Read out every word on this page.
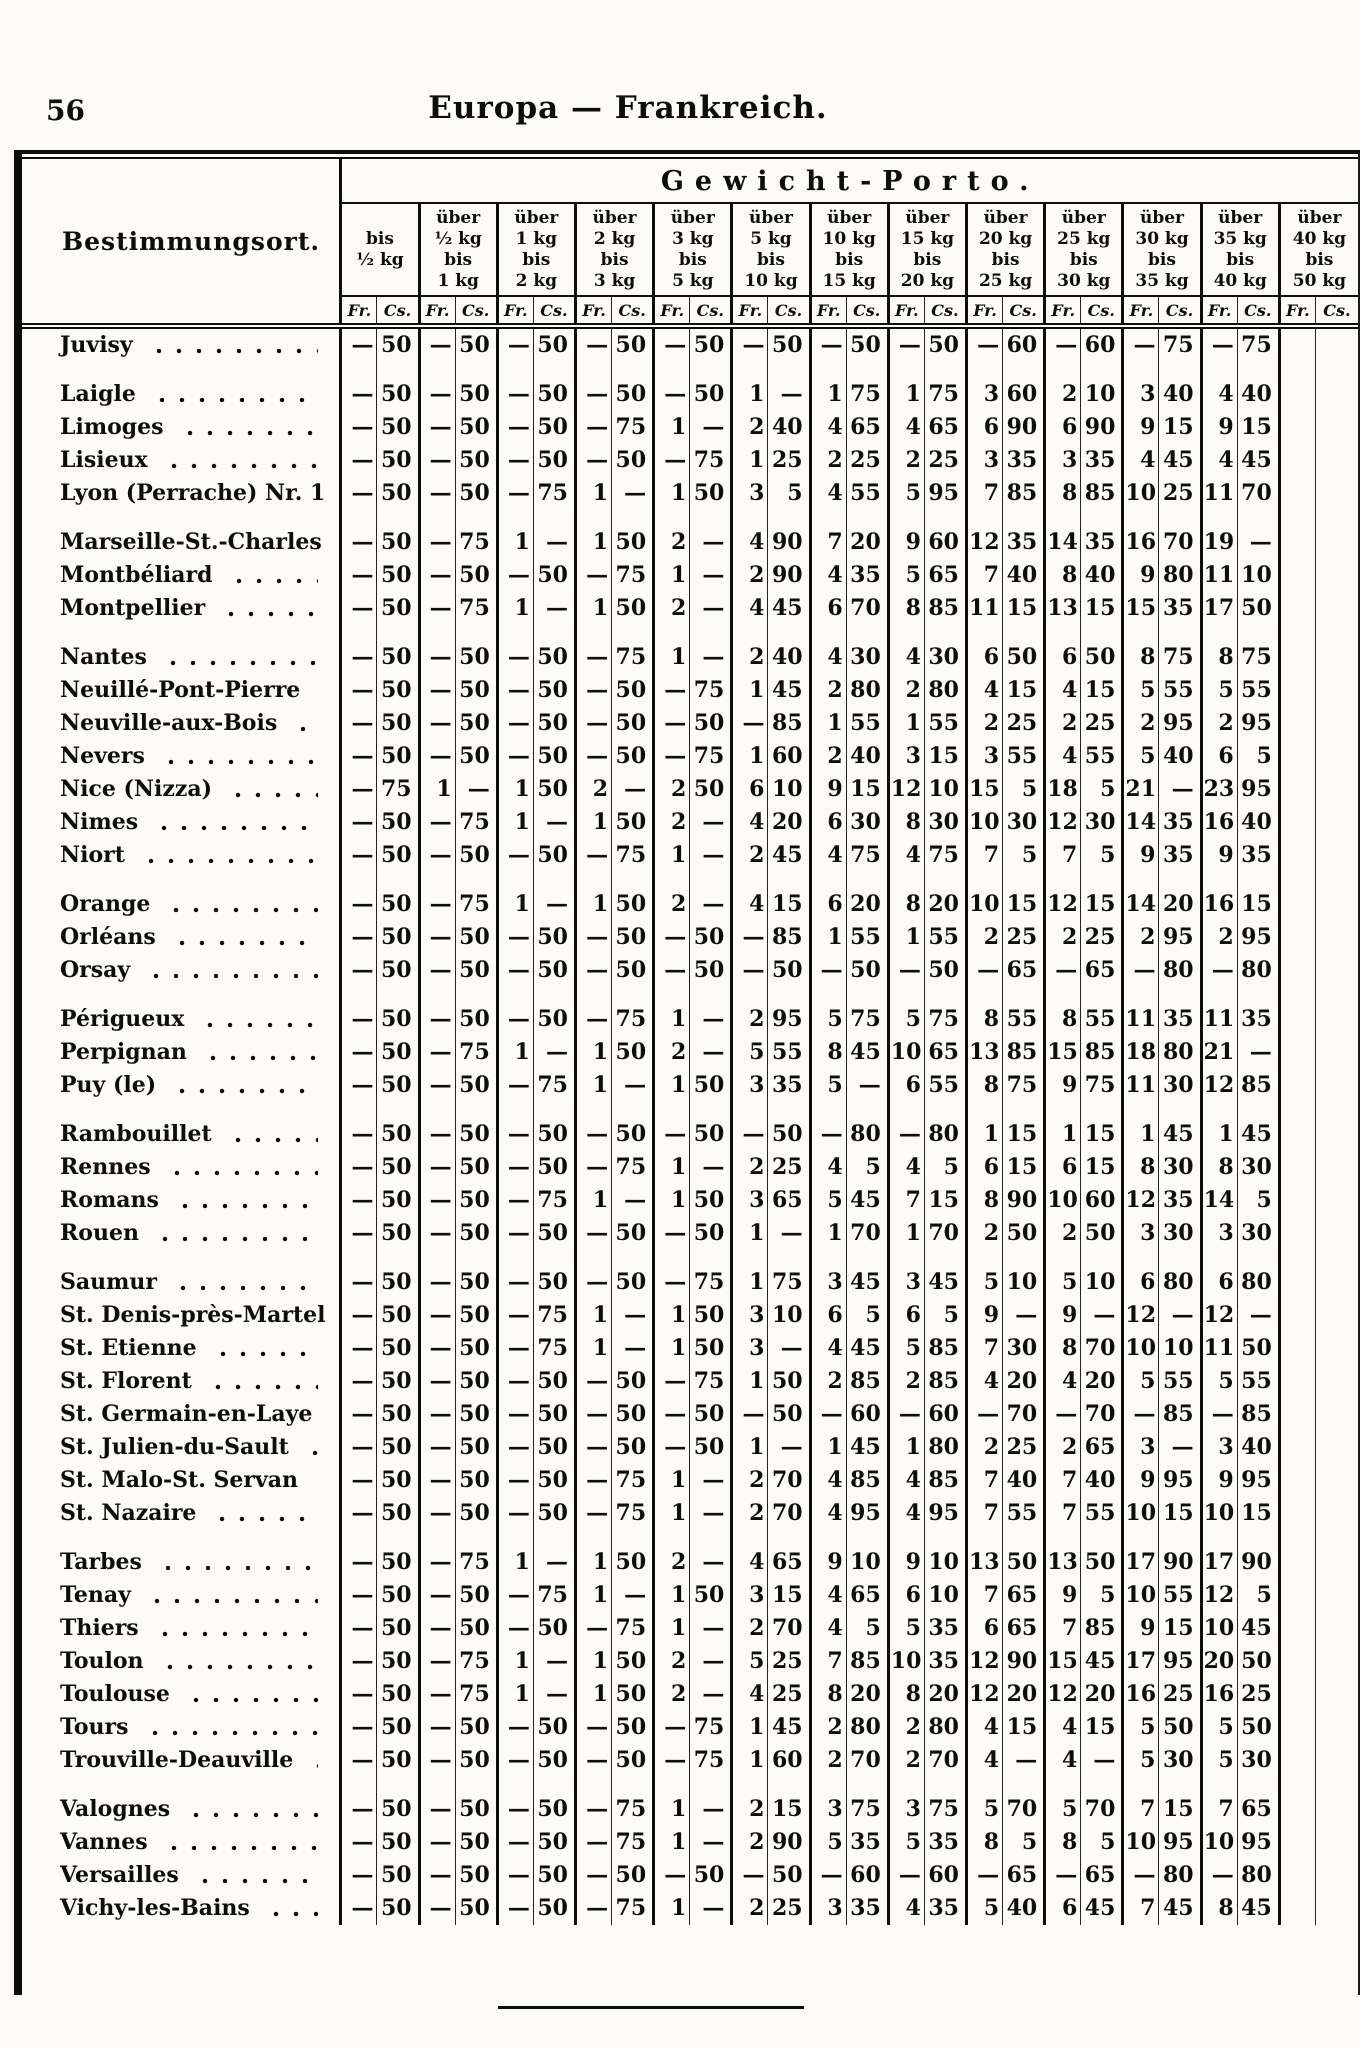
56	Europa — Frankreich.
Bestimmungsort.	Gewicht-Porto.																									

bis
½ kg

über
½ kg
bis
1 kg

über
1 kg
bis
2 kg

über
2 kg
bis
3 kg

über
3 kg
bis
5 kg

über
5 kg
bis
10 kg

über
10 kg
bis
15 kg

über
15 kg
bis
20 kg

über
20 kg
bis
25 kg

über
25 kg
bis
30 kg

über
30 kg
bis
35 kg

über
35 kg
bis
40 kg

über
40 kg
bis
50 kg

	Fr.	Cs.	Fr.	Cs.	Fr.	Cs.	Fr.	Cs.	Fr.	Cs.	Fr.	Cs.	Fr.	Cs.	Fr.	Cs.	Fr.	Cs.	Fr.	Cs.	Fr.	Cs.	Fr.	Cs.	Fr.	Cs.

Juvisy	—	50	—	50	—	50	—	50	—	50	—	50	—	50	—	50	—	60	—	60	—	75	—	75		

Laigle	—	50	—	50	—	50	—	50	—	50	1	—	1	75	1	75	3	60	2	10	3	40	4	40		

Limoges	—	50	—	50	—	50	—	75	1	—	2	40	4	65	4	65	6	90	6	90	9	15	9	15		

Lisieux	—	50	—	50	—	50	—	50	—	75	1	25	2	25	2	25	3	35	3	35	4	45	4	45		

Lyon (Perrache) Nr. 1	—	50	—	50	—	75	1	—	1	50	3	5	4	55	5	95	7	85	8	85	10	25	11	70		

Marseille-St.-Charles	—	50	—	75	1	—	1	50	2	—	4	90	7	20	9	60	12	35	14	35	16	70	19	—		

Montbéliard	—	50	—	50	—	50	—	75	1	—	2	90	4	35	5	65	7	40	8	40	9	80	11	10		

Montpellier	—	50	—	75	1	—	1	50	2	—	4	45	6	70	8	85	11	15	13	15	15	35	17	50		

Nantes	—	50	—	50	—	50	—	75	1	—	2	40	4	30	4	30	6	50	6	50	8	75	8	75		

Neuillé-Pont-Pierre	—	50	—	50	—	50	—	50	—	75	1	45	2	80	2	80	4	15	4	15	5	55	5	55		

Neuville-aux-Bois	—	50	—	50	—	50	—	50	—	50	—	85	1	55	1	55	2	25	2	25	2	95	2	95		

Nevers	—	50	—	50	—	50	—	50	—	75	1	60	2	40	3	15	3	55	4	55	5	40	6	5		

Nice (Nizza)	—	75	1	—	1	50	2	—	2	50	6	10	9	15	12	10	15	5	18	5	21	—	23	95		

Nimes	—	50	—	75	1	—	1	50	2	—	4	20	6	30	8	30	10	30	12	30	14	35	16	40		

Niort	—	50	—	50	—	50	—	75	1	—	2	45	4	75	4	75	7	5	7	5	9	35	9	35		

Orange	—	50	—	75	1	—	1	50	2	—	4	15	6	20	8	20	10	15	12	15	14	20	16	15		

Orléans	—	50	—	50	—	50	—	50	—	50	—	85	1	55	1	55	2	25	2	25	2	95	2	95		

Orsay	—	50	—	50	—	50	—	50	—	50	—	50	—	50	—	50	—	65	—	65	—	80	—	80		

Périgueux	—	50	—	50	—	50	—	75	1	—	2	95	5	75	5	75	8	55	8	55	11	35	11	35		

Perpignan	—	50	—	75	1	—	1	50	2	—	5	55	8	45	10	65	13	85	15	85	18	80	21	—		

Puy (le)	—	50	—	50	—	75	1	—	1	50	3	35	5	—	6	55	8	75	9	75	11	30	12	85		

Rambouillet	—	50	—	50	—	50	—	50	—	50	—	50	—	80	—	80	1	15	1	15	1	45	1	45		

Rennes	—	50	—	50	—	50	—	75	1	—	2	25	4	5	4	5	6	15	6	15	8	30	8	30		

Romans	—	50	—	50	—	75	1	—	1	50	3	65	5	45	7	15	8	90	10	60	12	35	14	5		

Rouen	—	50	—	50	—	50	—	50	—	50	1	—	1	70	1	70	2	50	2	50	3	30	3	30		

Saumur	—	50	—	50	—	50	—	50	—	75	1	75	3	45	3	45	5	10	5	10	6	80	6	80		

St. Denis-près-Martel	—	50	—	50	—	75	1	—	1	50	3	10	6	5	6	5	9	—	9	—	12	—	12	—		

St. Etienne	—	50	—	50	—	75	1	—	1	50	3	—	4	45	5	85	7	30	8	70	10	10	11	50		

St. Florent	—	50	—	50	—	50	—	50	—	75	1	50	2	85	2	85	4	20	4	20	5	55	5	55		

St. Germain-en-Laye	—	50	—	50	—	50	—	50	—	50	—	50	—	60	—	60	—	70	—	70	—	85	—	85		

St. Julien-du-Sault	—	50	—	50	—	50	—	50	—	50	1	—	1	45	1	80	2	25	2	65	3	—	3	40		

St. Malo-St. Servan	—	50	—	50	—	50	—	75	1	—	2	70	4	85	4	85	7	40	7	40	9	95	9	95		

St. Nazaire	—	50	—	50	—	50	—	75	1	—	2	70	4	95	4	95	7	55	7	55	10	15	10	15		

Tarbes	—	50	—	75	1	—	1	50	2	—	4	65	9	10	9	10	13	50	13	50	17	90	17	90		

Tenay	—	50	—	50	—	75	1	—	1	50	3	15	4	65	6	10	7	65	9	5	10	55	12	5		

Thiers	—	50	—	50	—	50	—	75	1	—	2	70	4	5	5	35	6	65	7	85	9	15	10	45		

Toulon	—	50	—	75	1	—	1	50	2	—	5	25	7	85	10	35	12	90	15	45	17	95	20	50		

Toulouse	—	50	—	75	1	—	1	50	2	—	4	25	8	20	8	20	12	20	12	20	16	25	16	25		

Tours	—	50	—	50	—	50	—	50	—	75	1	45	2	80	2	80	4	15	4	15	5	50	5	50		

Trouville-Deauville	—	50	—	50	—	50	—	50	—	75	1	60	2	70	2	70	4	—	4	—	5	30	5	30		

Valognes	—	50	—	50	—	50	—	75	1	—	2	15	3	75	3	75	5	70	5	70	7	15	7	65		

Vannes	—	50	—	50	—	50	—	75	1	—	2	90	5	35	5	35	8	5	8	5	10	95	10	95		

Versailles	—	50	—	50	—	50	—	50	—	50	—	50	—	60	—	60	—	65	—	65	—	80	—	80		

Vichy-les-Bains	—	50	—	50	—	50	—	75	1	—	2	25	3	35	4	35	5	40	6	45	7	45	8	45		
